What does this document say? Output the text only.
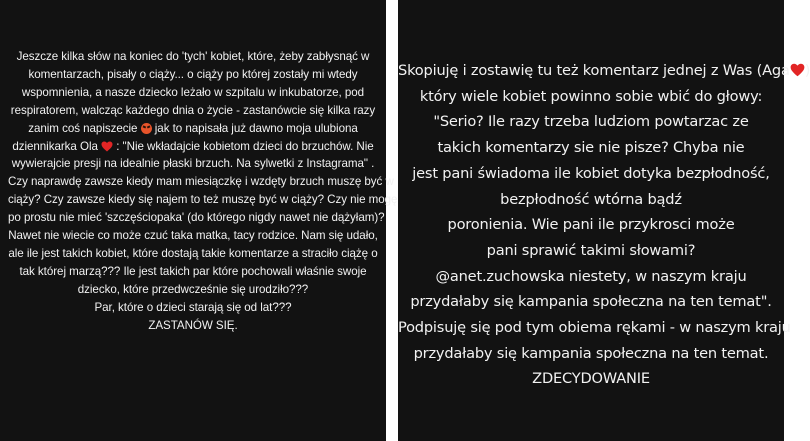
Jeszcze kilka słów na koniec do 'tych' kobiet, które, żeby zabłysnąć w
komentarzach, pisały o ciąży... o ciąży po której zostały mi wtedy
wspomnienia, a nasze dziecko leżało w szpitalu w inkubatorze, pod
respiratorem, walcząc każdego dnia o życie - zastanówcie się kilka razy
zanim coś napiszecie  jak to napisała już dawno moja ulubiona
dziennikarka Ola  : "Nie wkładajcie kobietom dzieci do brzuchów. Nie
wywierajcie presji na idealnie płaski brzuch. Na sylwetki z Instagrama" .
Czy naprawdę zawsze kiedy mam miesiączkę i wzdęty brzuch muszę być w
ciąży? Czy zawsze kiedy się najem to też muszę być w ciąży? Czy nie mogę
po prostu nie mieć 'szczęściopaka' (do którego nigdy nawet nie dążyłam)?
Nawet nie wiecie co może czuć taka matka, tacy rodzice. Nam się udało,
ale ile jest takich kobiet, które dostają takie komentarze a straciło ciążę o
tak której marzą??? Ile jest takich par które pochowali właśnie swoje
dziecko, które przedwcześnie się urodziło???
Par, które o dzieci starają się od lat???
ZASTANÓW SIĘ.
Skopiuję i zostawię tu też komentarz jednej z Was (Aga )
który wiele kobiet powinno sobie wbić do głowy:
"Serio? Ile razy trzeba ludziom powtarzac ze
takich komentarzy sie nie pisze? Chyba nie
jest pani świadoma ile kobiet dotyka bezpłodność,
bezpłodność wtórna bądź
poronienia. Wie pani ile przykrosci może
pani sprawić takimi słowami?
@anet.zuchowska niestety, w naszym kraju
przydałaby się kampania społeczna na ten temat".
Podpisuję się pod tym obiema rękami - w naszym kraju
przydałaby się kampania społeczna na ten temat.
ZDECYDOWANIE
